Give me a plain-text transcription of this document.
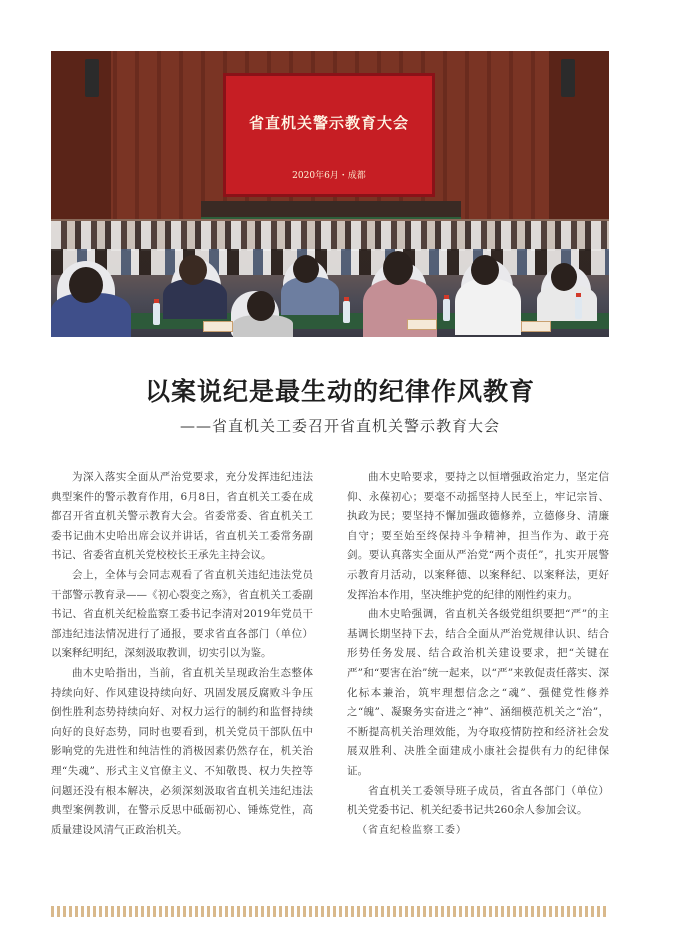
省直机关警示教育大会
2020年6月・成都
以案说纪是最生动的纪律作风教育
——省直机关工委召开省直机关警示教育大会

为深入落实全面从严治党要求，充分发挥违纪违法典型案件的警示教育作用，6月8日，省直机关工委在成都召开省直机关警示教育大会。省委常委、省直机关工委书记曲木史哈出席会议并讲话，省直机关工委常务副书记、省委省直机关党校校长王承先主持会议。

会上，全体与会同志观看了省直机关违纪违法党员干部警示教育录——《初心裂变之殇》，省直机关工委副书记、省直机关纪检监察工委书记李清对2019年党员干部违纪违法情况进行了通报，要求省直各部门（单位）以案释纪明纪，深刻汲取教训，切实引以为鉴。

曲木史哈指出，当前，省直机关呈现政治生态整体持续向好、作风建设持续向好、巩固发展反腐败斗争压倒性胜利态势持续向好、对权力运行的制约和监督持续向好的良好态势，同时也要看到，机关党员干部队伍中影响党的先进性和纯洁性的消极因素仍然存在，机关治理“失魂”、形式主义官僚主义、不知敬畏、权力失控等问题还没有根本解决，必须深刻汲取省直机关违纪违法典型案例教训，在警示反思中砥砺初心、锤炼党性，高质量建设风清气正政治机关。

曲木史哈要求，要持之以恒增强政治定力，坚定信仰、永葆初心；要毫不动摇坚持人民至上，牢记宗旨、执政为民；要坚持不懈加强政德修养，立德修身、清廉自守；要至始至终保持斗争精神，担当作为、敢于亮剑。要认真落实全面从严治党“两个责任”，扎实开展警示教育月活动，以案释德、以案释纪、以案释法，更好发挥治本作用，坚决维护党的纪律的刚性约束力。

曲木史哈强调，省直机关各级党组织要把“严”的主基调长期坚持下去，结合全面从严治党规律认识、结合形势任务发展、结合政治机关建设要求，把“关键在严”和“要害在治”统一起来，以“严”来敦促责任落实、深化标本兼治，筑牢理想信念之“魂”、强健党性修养之“魄”、凝聚务实奋进之“神”、涵细模范机关之“治”，不断提高机关治理效能，为夺取疫情防控和经济社会发展双胜利、决胜全面建成小康社会提供有力的纪律保证。

省直机关工委领导班子成员，省直各部门（单位）机关党委书记、机关纪委书记共260余人参加会议。

（省直纪检监察工委）
